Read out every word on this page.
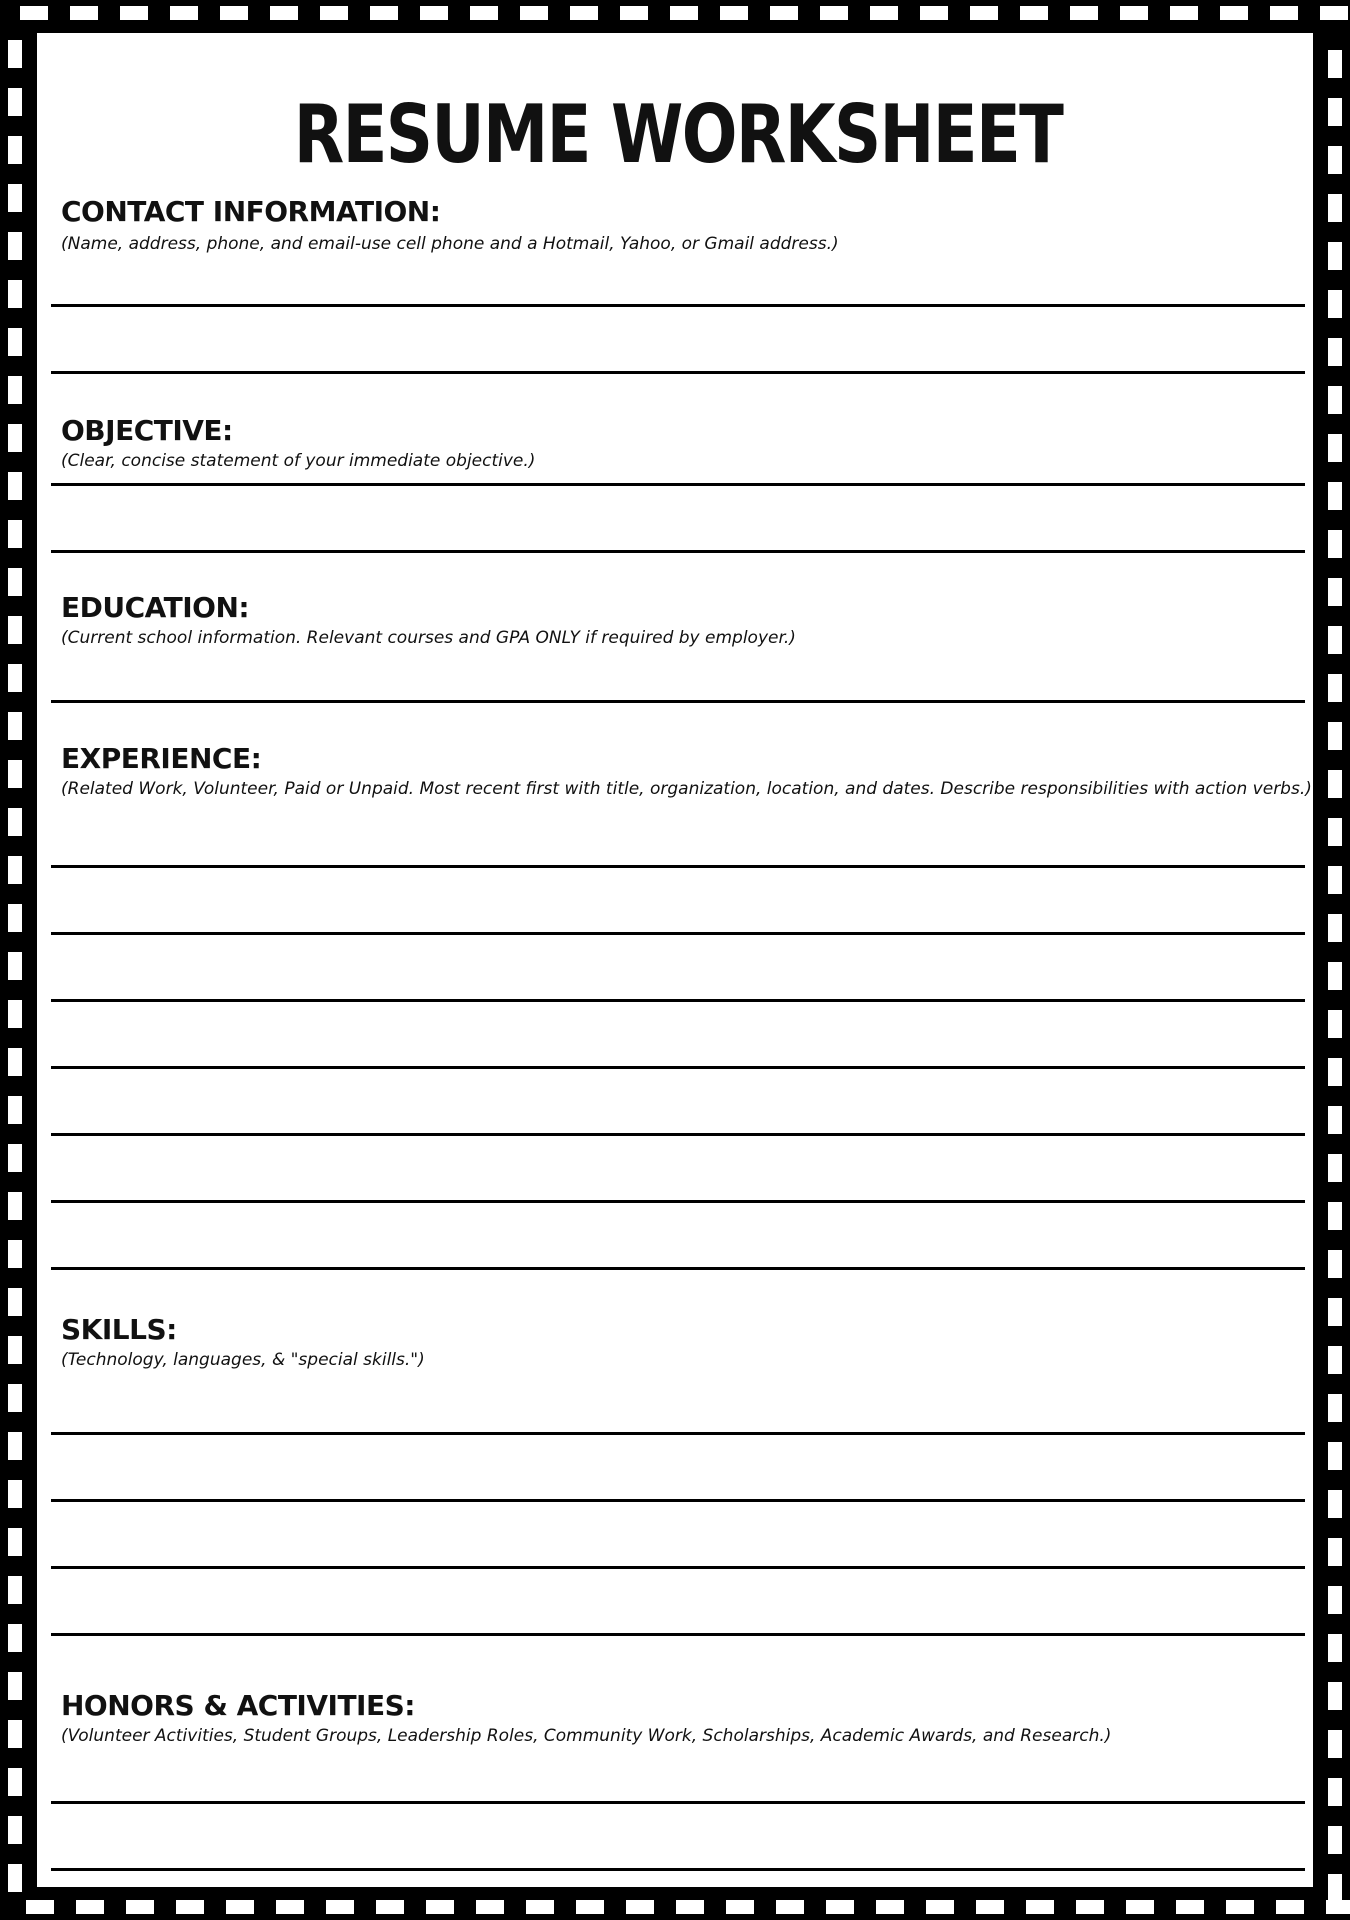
RESUME WORKSHEET
CONTACT INFORMATION:
(Name, address, phone, and email-use cell phone and a Hotmail, Yahoo, or Gmail address.)
OBJECTIVE:
(Clear, concise statement of your immediate objective.)
EDUCATION:
(Current school information. Relevant courses and GPA ONLY if required by employer.)
EXPERIENCE:
(Related Work, Volunteer, Paid or Unpaid. Most recent first with title, organization, location, and dates. Describe responsibilities with action verbs.)
SKILLS:
(Technology, languages, & "special skills.")
HONORS & ACTIVITIES:
(Volunteer Activities, Student Groups, Leadership Roles, Community Work, Scholarships, Academic Awards, and Research.)
